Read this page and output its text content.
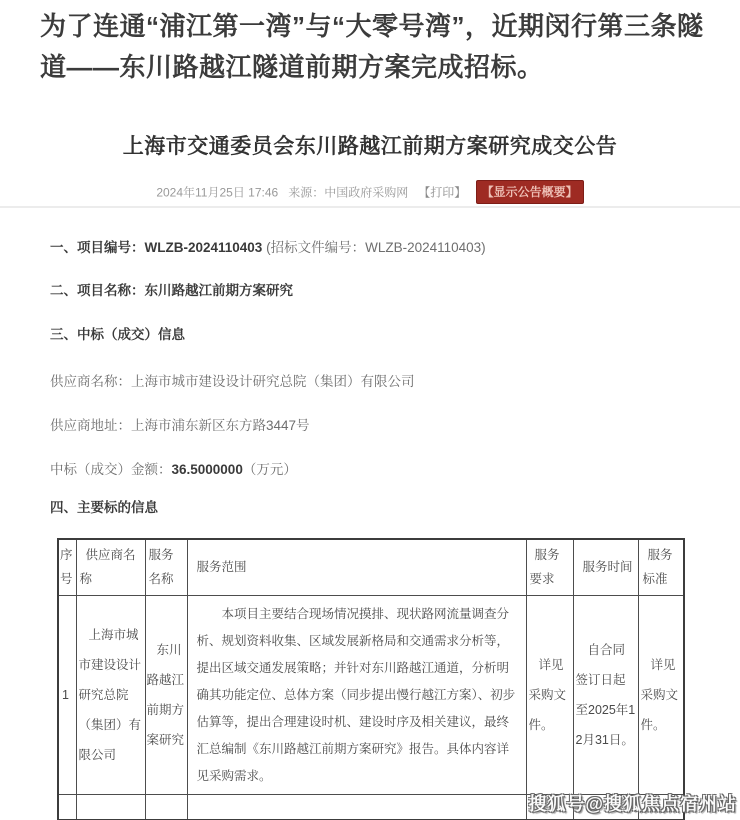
为了连通“浦江第一湾”与“大零号湾”，近期闵行第三条隧道——东川路越江隧道前期方案完成招标。
上海市交通委员会东川路越江前期方案研究成交公告
2024年11月25日 17:46 来源：中国政府采购网 【打印】 【显示公告概要】
一、项目编号：WLZB-2024110403 (招标文件编号：WLZB-2024110403)
二、项目名称：东川路越江前期方案研究
三、中标（成交）信息
供应商名称：上海市城市建设设计研究总院（集团）有限公司
供应商地址：上海市浦东新区东方路3447号
中标（成交）金额：36.5000000（万元）
四、主要标的信息
序号	供应商名称	服务名称	服务范围	服务要求	服务时间	服务标准
1	上海市城市建设设计研究总院（集团）有限公司	东川路越江前期方案研究	本项目主要结合现场情况摸排、现状路网流量调查分析、规划资料收集、区域发展新格局和交通需求分析等，提出区域交通发展策略；并针对东川路越江通道，分析明确其功能定位、总体方案（同步提出慢行越江方案）、初步估算等，提出合理建设时机、建设时序及相关建议，最终汇总编制《东川路越江前期方案研究》报告。具体内容详见采购需求。	详见采购文件。	自合同签订日起至2025年12月31日。	详见采购文件。

搜狐号@搜狐焦点宿州站
